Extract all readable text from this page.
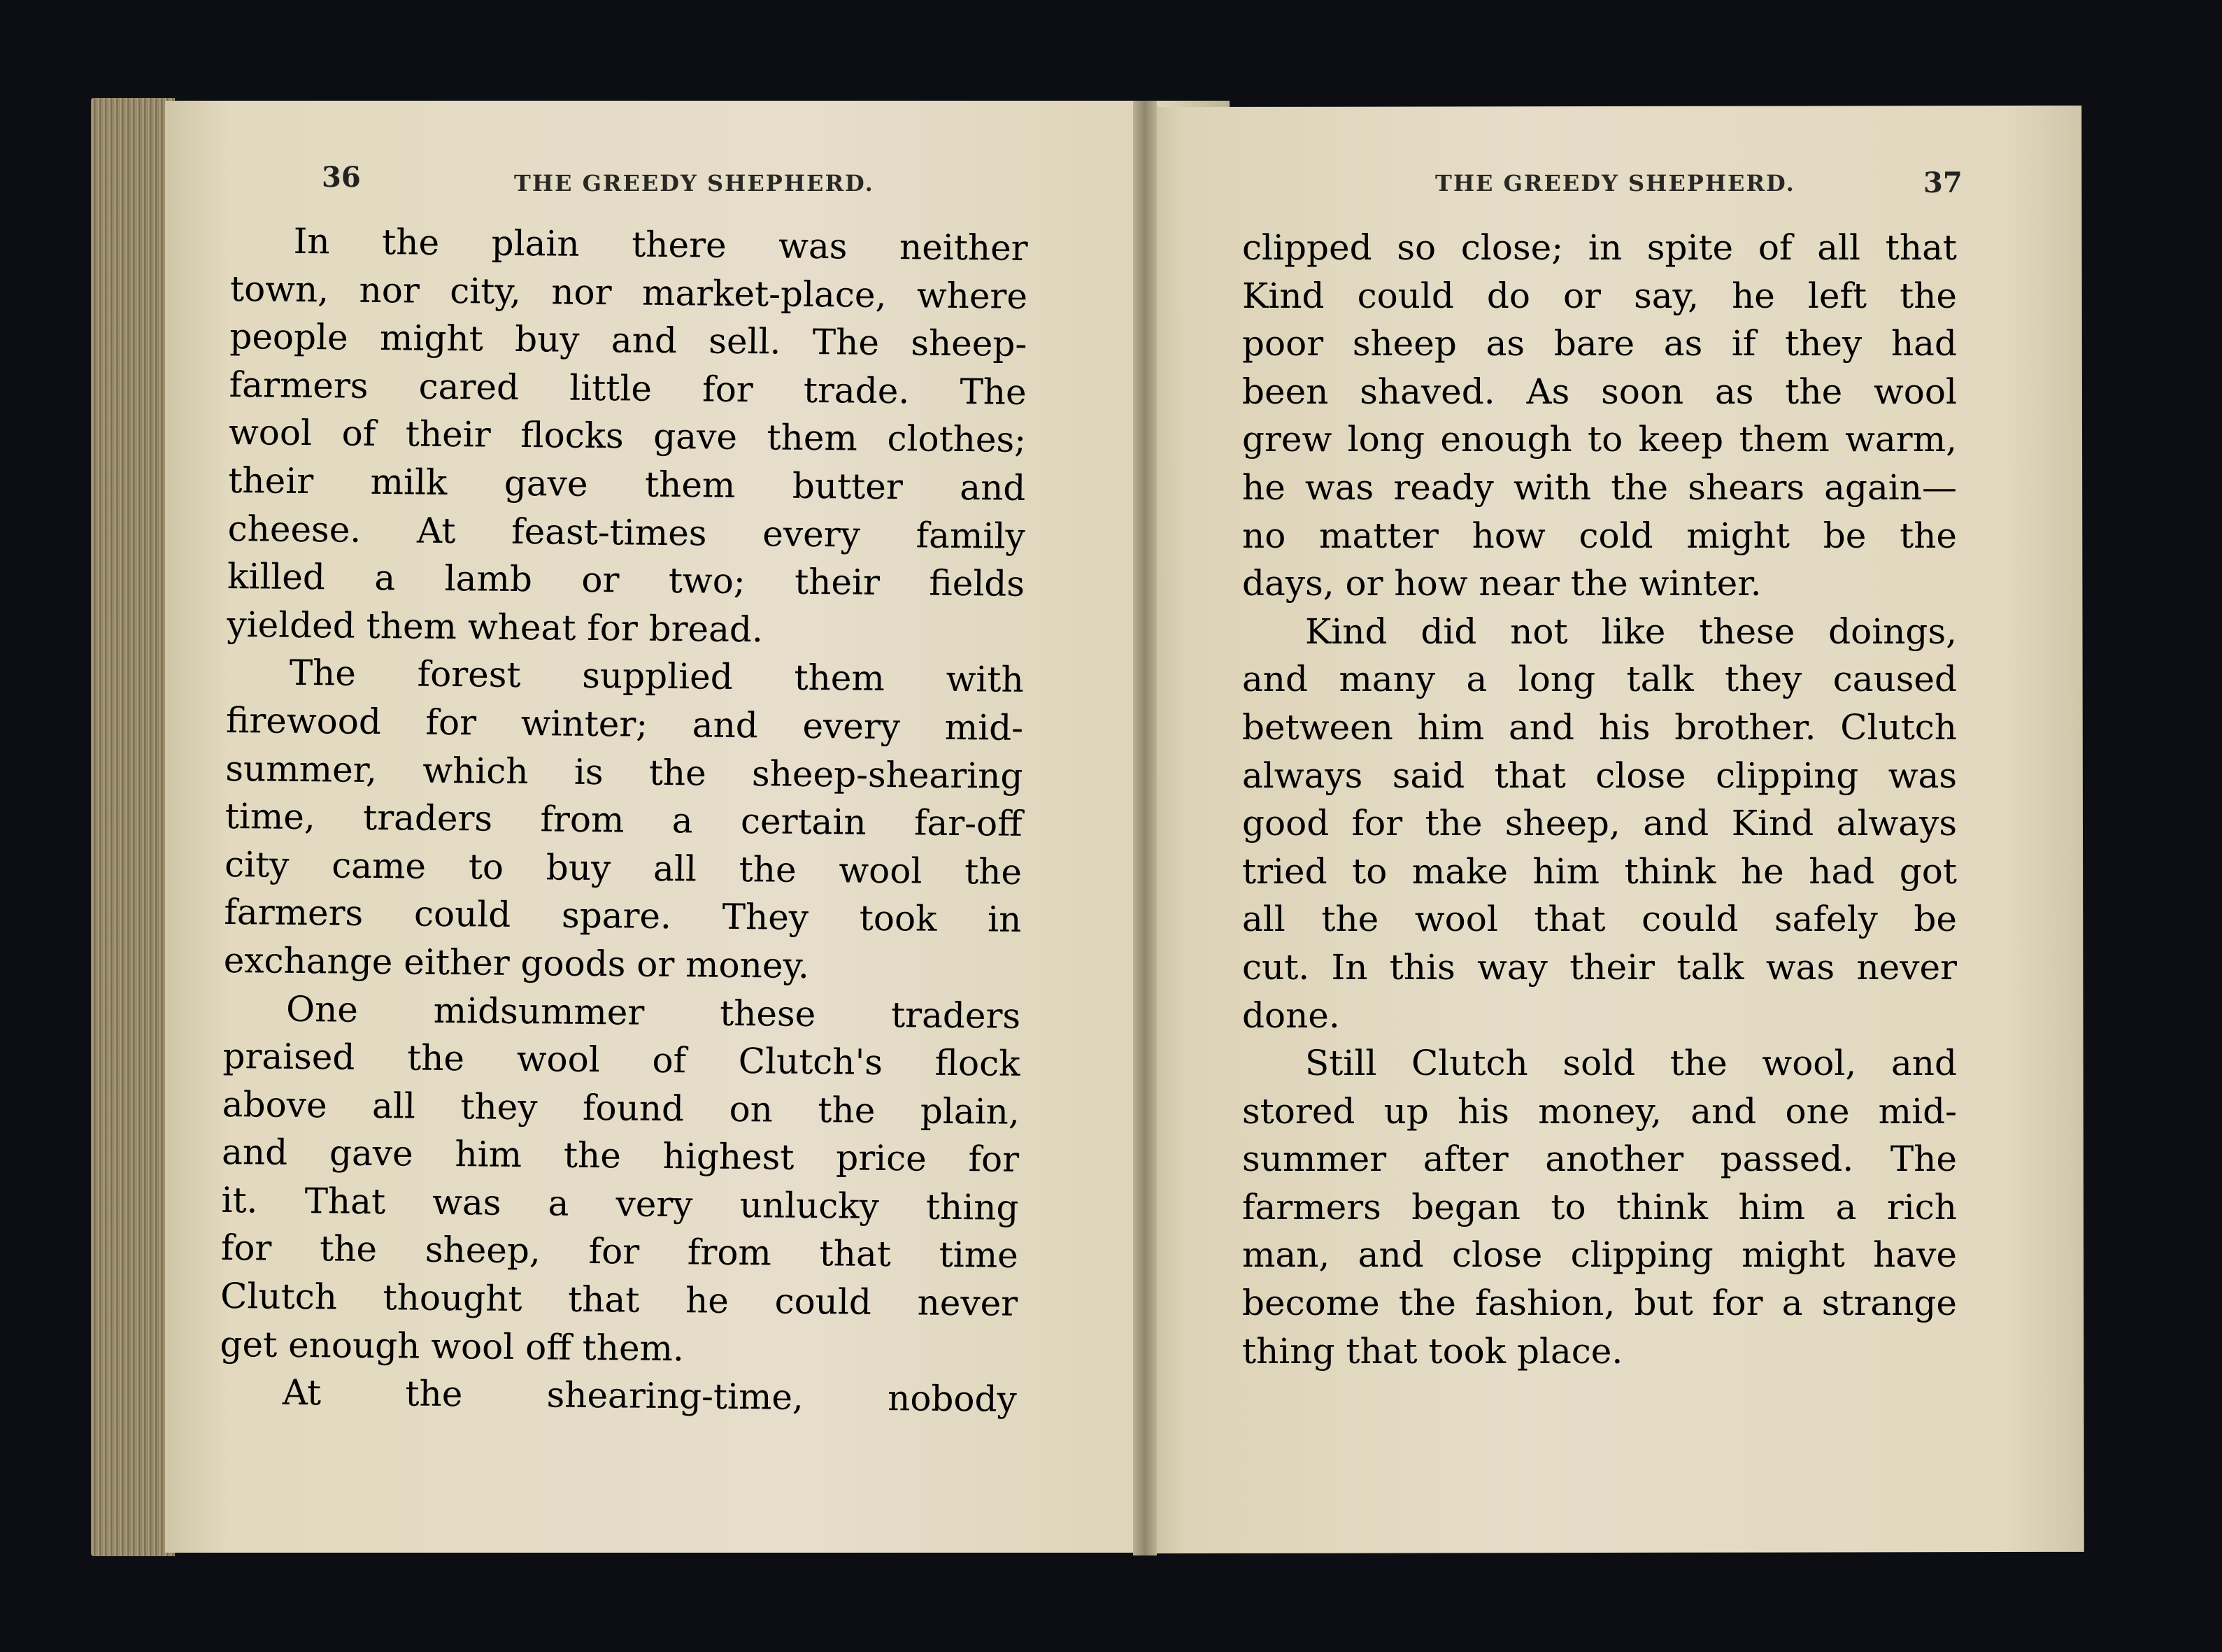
36	THE GREEDY SHEPHERD.	37
THE GREEDY SHEPHERD.
In the plain there was neither
town, nor city, nor market-place, where
people might buy and sell. The sheep-
farmers cared little for trade. The
wool of their flocks gave them clothes;
their milk gave them butter and
cheese. At feast-times every family
killed a lamb or two; their fields
yielded them wheat for bread.
The forest supplied them with
firewood for winter; and every mid-
summer, which is the sheep-shearing
time, traders from a certain far-off
city came to buy all the wool the
farmers could spare. They took in
exchange either goods or money.
One midsummer these traders
praised the wool of Clutch's flock
above all they found on the plain,
and gave him the highest price for
it. That was a very unlucky thing
for the sheep, for from that time
Clutch thought that he could never
get enough wool off them.
At the shearing-time, nobody
clipped so close; in spite of all that
Kind could do or say, he left the
poor sheep as bare as if they had
been shaved. As soon as the wool
grew long enough to keep them warm,
he was ready with the shears again—
no matter how cold might be the
days, or how near the winter.
Kind did not like these doings,
and many a long talk they caused
between him and his brother. Clutch
always said that close clipping was
good for the sheep, and Kind always
tried to make him think he had got
all the wool that could safely be
cut. In this way their talk was never
done.
Still Clutch sold the wool, and
stored up his money, and one mid-
summer after another passed. The
farmers began to think him a rich
man, and close clipping might have
become the fashion, but for a strange
thing that took place.
